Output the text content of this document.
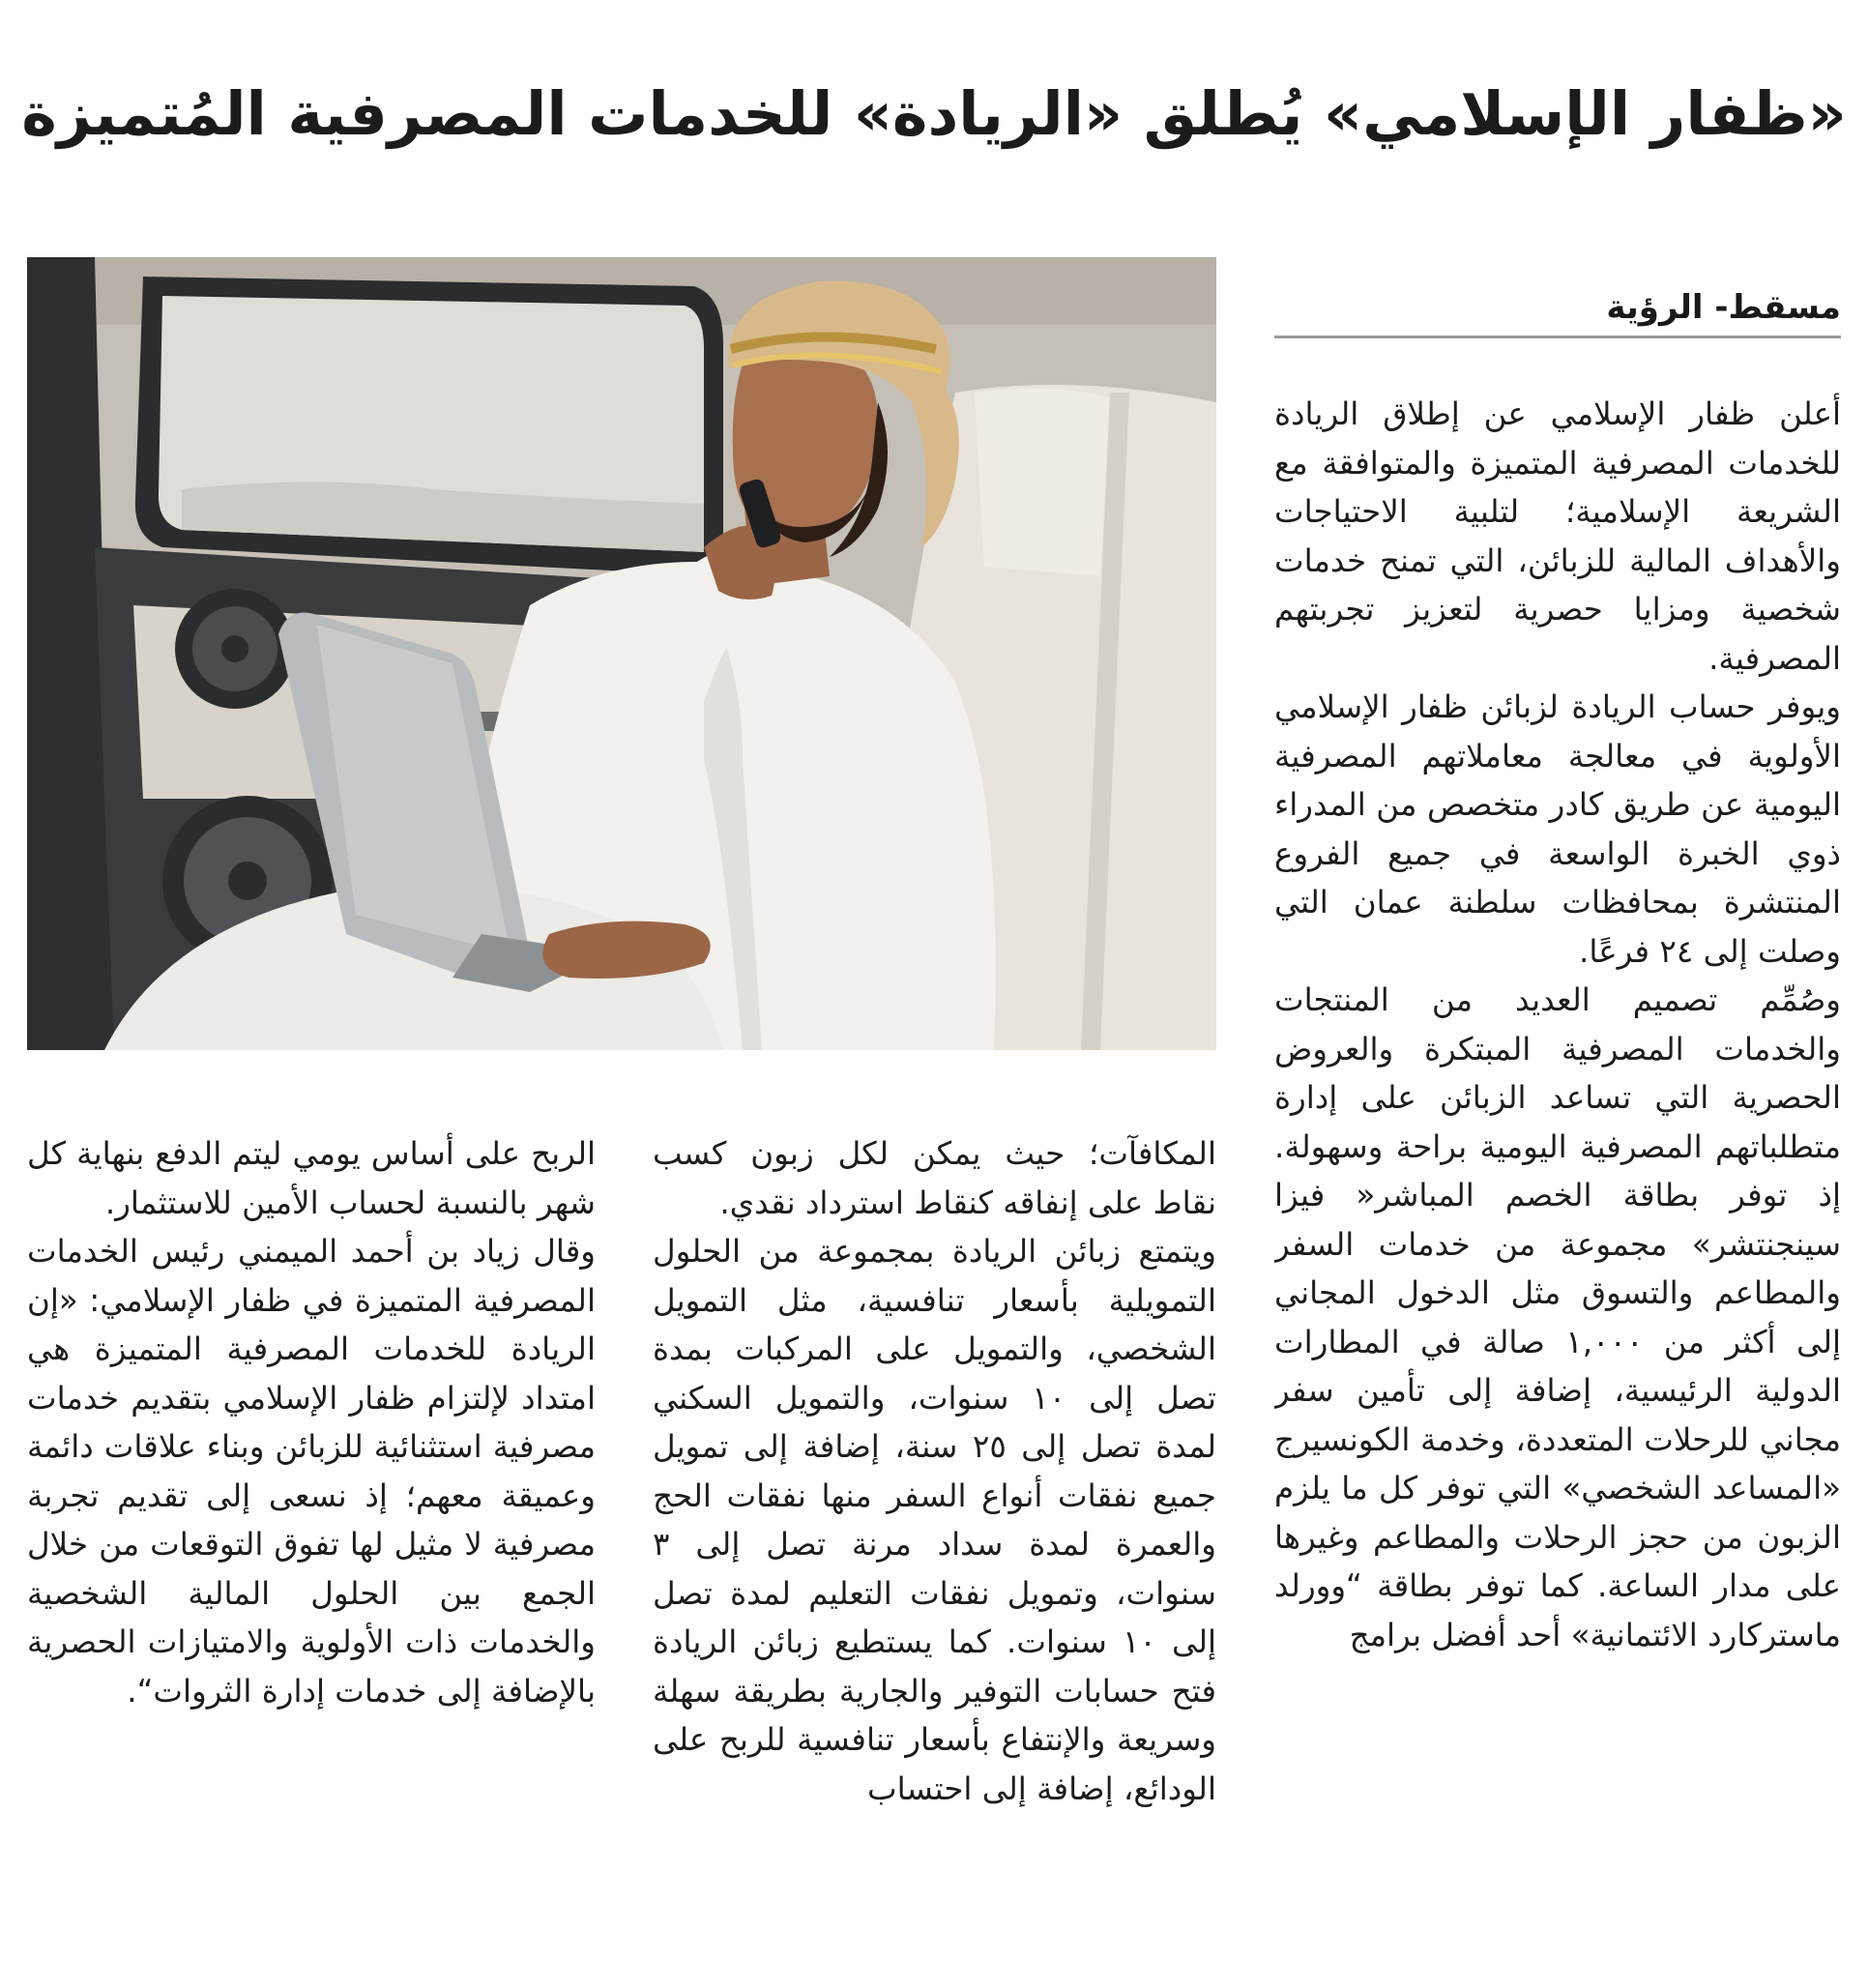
«ظفار الإسلامي» يُطلق «الريادة» للخدمات المصرفية المُتميزة
مسقط- الرؤية

أعلن ظفار الإسلامي عن إطلاق الريادة للخدمات المصرفية المتميزة والمتوافقة مع الشريعة الإسلامية؛ لتلبية الاحتياجات والأهداف المالية للزبائن، التي تمنح خدمات شخصية ومزايا حصرية لتعزيز تجربتهم المصرفية.

ويوفر حساب الريادة لزبائن ظفار الإسلامي الأولوية في معالجة معاملاتهم المصرفية اليومية عن طريق كادر متخصص من المدراء ذوي الخبرة الواسعة في جميع الفروع المنتشرة بمحافظات سلطنة عمان التي وصلت إلى ٢٤ فرعًا.

وصُمِّم تصميم العديد من المنتجات والخدمات المصرفية المبتكرة والعروض الحصرية التي تساعد الزبائن على إدارة متطلباتهم المصرفية اليومية براحة وسهولة. إذ توفر بطاقة الخصم المباشر« فيزا سينجنتشر» مجموعة من خدمات السفر والمطاعم والتسوق مثل الدخول المجاني إلى أكثر من ١,٠٠٠ صالة في المطارات الدولية الرئيسية، إضافة إلى تأمين سفر مجاني للرحلات المتعددة، وخدمة الكونسيرج «المساعد الشخصي» التي توفر كل ما يلزم الزبون من حجز الرحلات والمطاعم وغيرها على مدار الساعة. كما توفر بطاقة “وورلد ماستركارد الائتمانية» أحد أفضل برامج

المكافآت؛ حيث يمكن لكل زبون كسب نقاط على إنفاقه كنقاط استرداد نقدي.

ويتمتع زبائن الريادة بمجموعة من الحلول التمويلية بأسعار تنافسية، مثل التمويل الشخصي، والتمويل على المركبات بمدة تصل إلى ١٠ سنوات، والتمويل السكني لمدة تصل إلى ٢٥ سنة، إضافة إلى تمويل جميع نفقات أنواع السفر منها نفقات الحج والعمرة لمدة سداد مرنة تصل إلى ٣ سنوات، وتمويل نفقات التعليم لمدة تصل إلى ١٠ سنوات. كما يستطيع زبائن الريادة فتح حسابات التوفير والجارية بطريقة سهلة وسريعة والإنتفاع بأسعار تنافسية للربح على الودائع، إضافة إلى احتساب

الربح على أساس يومي ليتم الدفع بنهاية كل شهر بالنسبة لحساب الأمين للاستثمار.

وقال زياد بن أحمد الميمني رئيس الخدمات المصرفية المتميزة في ظفار الإسلامي: «إن الريادة للخدمات المصرفية المتميزة هي امتداد لإلتزام ظفار الإسلامي بتقديم خدمات مصرفية استثنائية للزبائن وبناء علاقات دائمة وعميقة معهم؛ إذ نسعى إلى تقديم تجربة مصرفية لا مثيل لها تفوق التوقعات من خلال الجمع بين الحلول المالية الشخصية والخدمات ذات الأولوية والامتيازات الحصرية بالإضافة إلى خدمات إدارة الثروات“.
